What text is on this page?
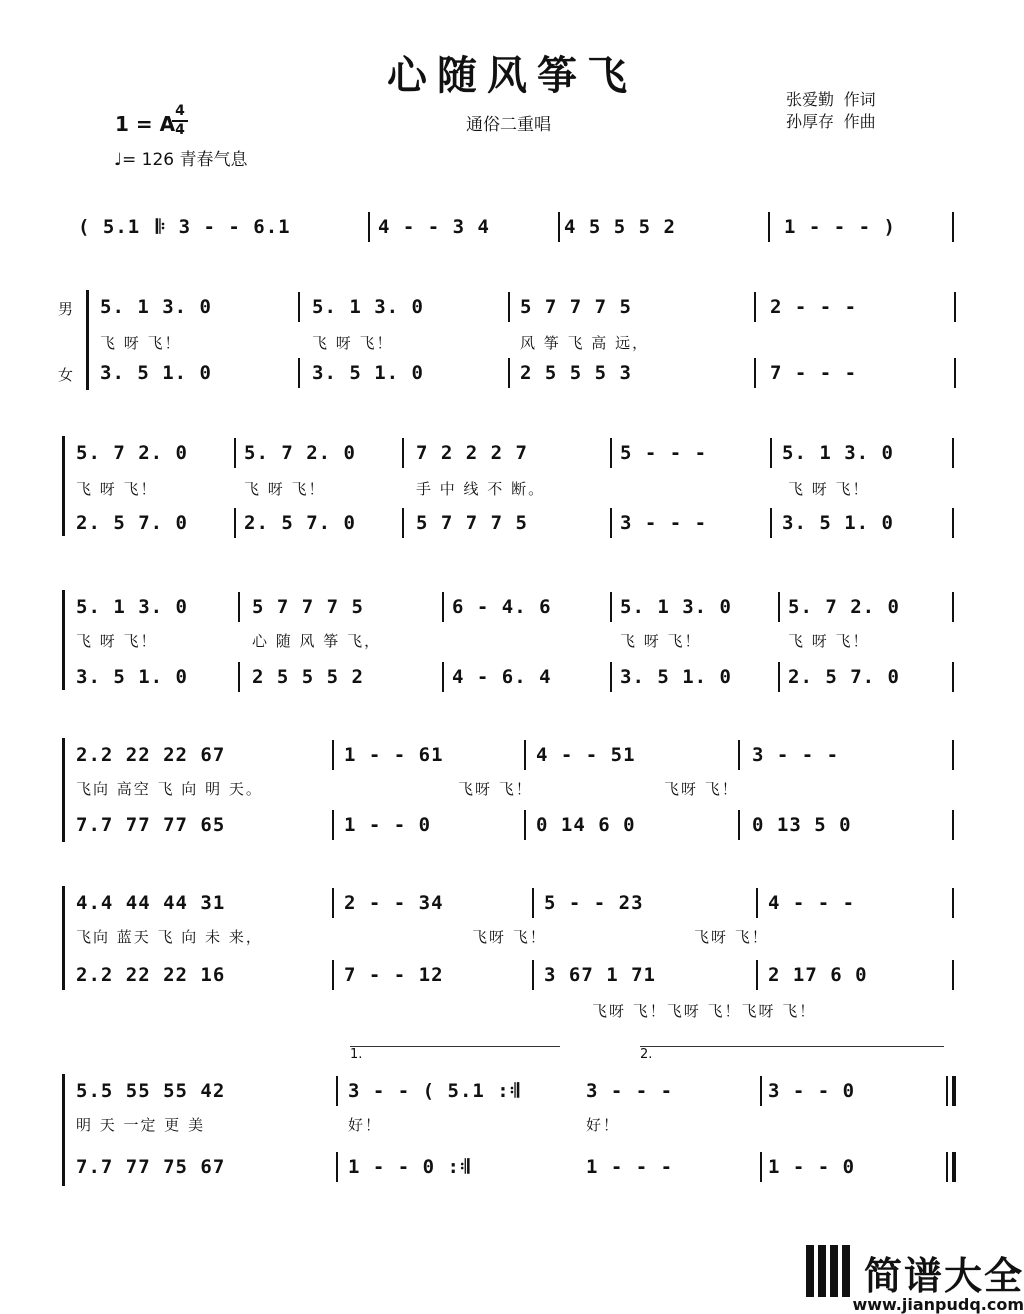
心随风筝飞
1 = A
4
4
♩= 126 青春气息
通俗二重唱
张爱勤 作词
孙厚存 作曲
( 5.1 𝄆 3 - - 6.1	4 - - 3 4	4 5 5 5 2	1 - - - )
男
女
5. 1 3. 0	5. 1 3. 0	5 7 7 7 5	2 - - -
飞 呀 飞！	飞 呀 飞！	风 筝 飞 高 远，
3. 5 1. 0	3. 5 1. 0	2 5 5 5 3	7 - - -
5. 7 2. 0	5. 7 2. 0	7 2 2 2 7	5 - - -	5. 1 3. 0
飞 呀 飞！	飞 呀 飞！	手 中 线 不 断。	飞 呀 飞！
2. 5 7. 0	2. 5 7. 0	5 7 7 7 5	3 - - -	3. 5 1. 0
5. 1 3. 0	5 7 7 7 5	6 - 4. 6	5. 1 3. 0	5. 7 2. 0
飞 呀 飞！	心 随 风 筝 飞，	飞 呀 飞！	飞 呀 飞！
3. 5 1. 0	2 5 5 5 2	4 - 6. 4	3. 5 1. 0	2. 5 7. 0
2.2 22 22 67	1 - - 61	4 - - 51	3 - - -
飞向 高空 飞 向 明 天。	飞呀 飞！	飞呀 飞！
7.7 77 77 65	1 - - 0	0 14 6 0	0 13 5 0
4.4 44 44 31	2 - - 34	5 - - 23	4 - - -
飞向 蓝天 飞 向 未 来，	飞呀 飞！	飞呀 飞！
2.2 22 22 16	7 - - 12	3 67 1 71	2 17 6 0
飞呀 飞！飞呀 飞！飞呀 飞！
1.	2.
5.5 55 55 42	3 - - ( 5.1 :𝄇	3 - - -	3 - - 0
明 天 一定 更 美	好！	好！
7.7 77 75 67	1 - - 0 :𝄇	1 - - -	1 - - 0
简谱大全
www.jianpudq.com
